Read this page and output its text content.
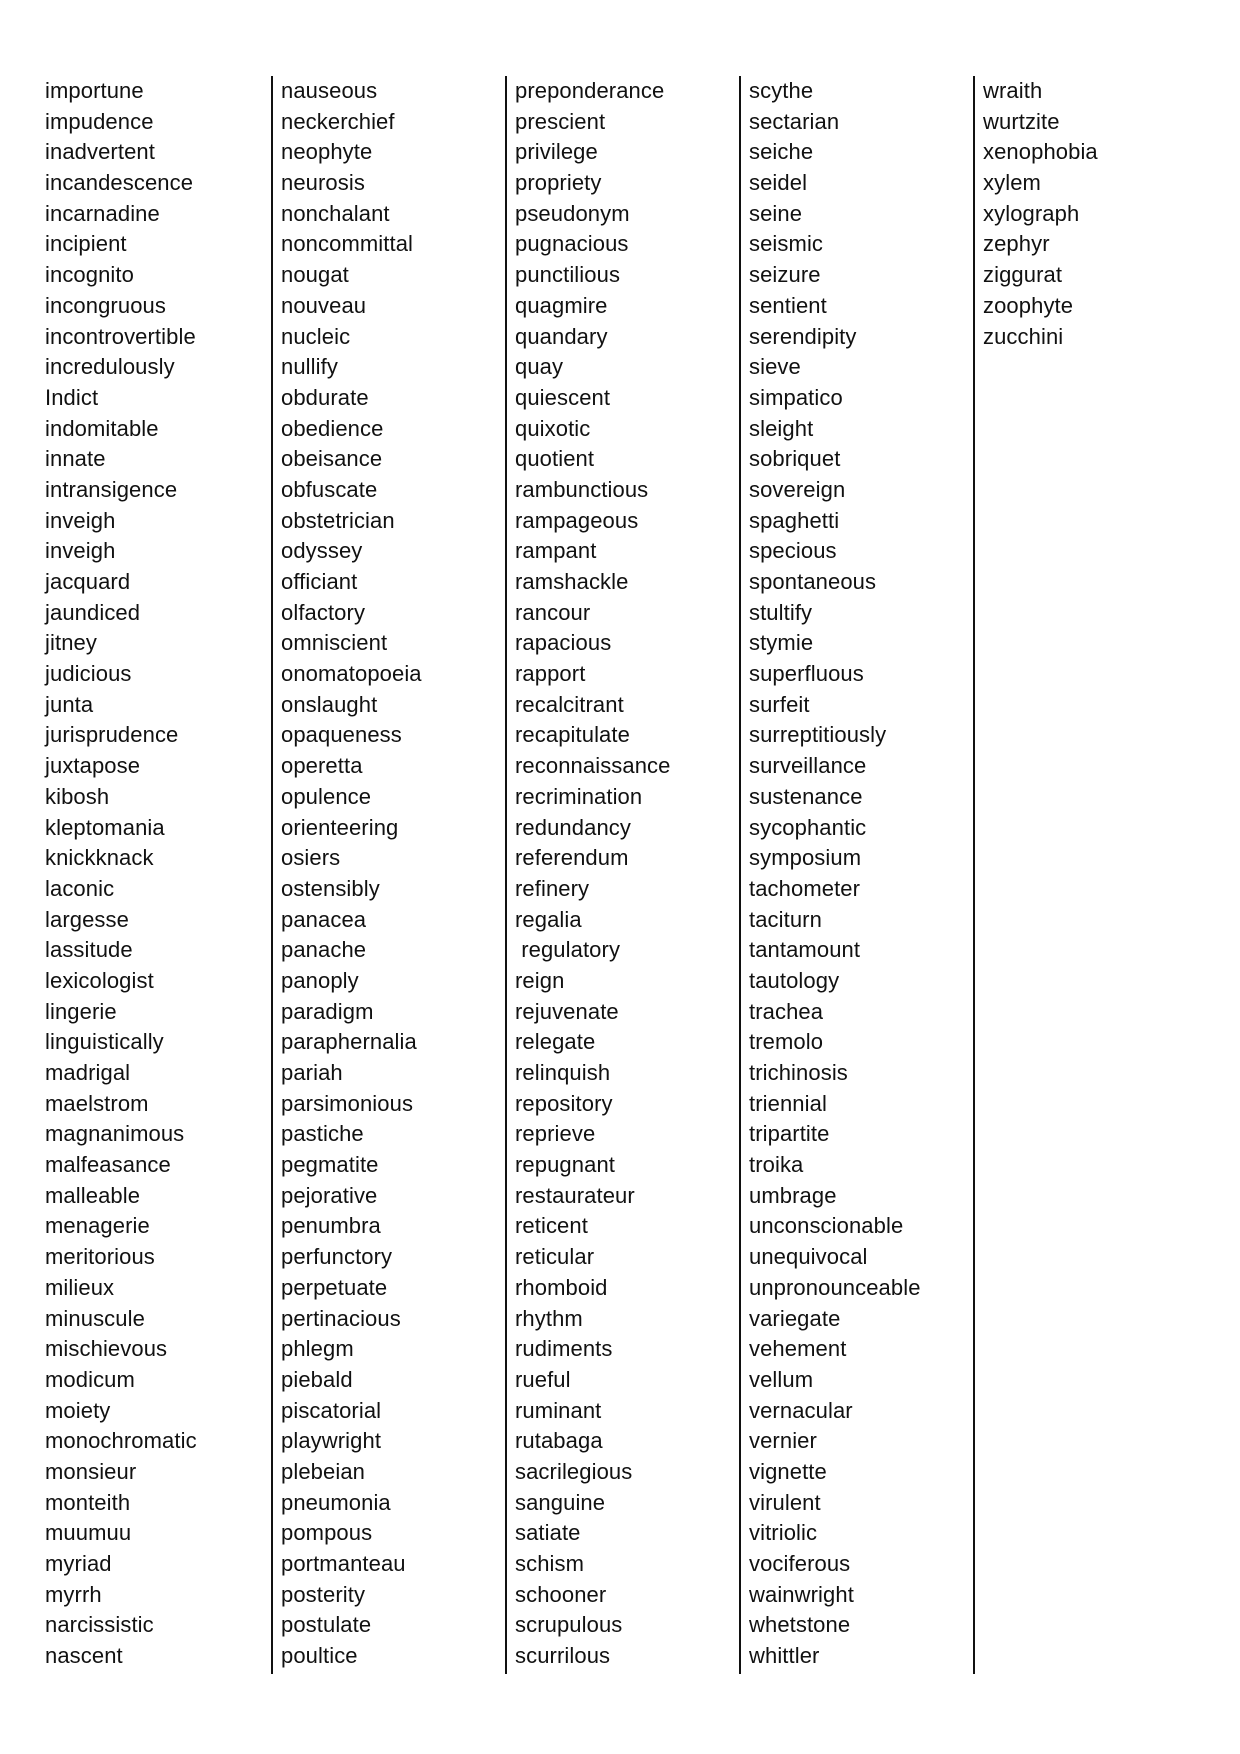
importune
impudence
inadvertent
incandescence
incarnadine
incipient
incognito
incongruous
incontrovertible
incredulously
Indict
indomitable
innate
intransigence
inveigh
inveigh
jacquard
jaundiced
jitney
judicious
junta
jurisprudence
juxtapose
kibosh
kleptomania
knickknack
laconic
largesse
lassitude
lexicologist
lingerie
linguistically
madrigal
maelstrom
magnanimous
malfeasance
malleable
menagerie
meritorious
milieux
minuscule
mischievous
modicum
moiety
monochromatic
monsieur
monteith
muumuu
myriad
myrrh
narcissistic
nascent
nauseous
neckerchief
neophyte
neurosis
nonchalant
noncommittal
nougat
nouveau
nucleic
nullify
obdurate
obedience
obeisance
obfuscate
obstetrician
odyssey
officiant
olfactory
omniscient
onomatopoeia
onslaught
opaqueness
operetta
opulence
orienteering
osiers
ostensibly
panacea
panache
panoply
paradigm
paraphernalia
pariah
parsimonious
pastiche
pegmatite
pejorative
penumbra
perfunctory
perpetuate
pertinacious
phlegm
piebald
piscatorial
playwright
plebeian
pneumonia
pompous
portmanteau
posterity
postulate
poultice
preponderance
prescient
privilege
propriety
pseudonym
pugnacious
punctilious
quagmire
quandary
quay
quiescent
quixotic
quotient
rambunctious
rampageous
rampant
ramshackle
rancour
rapacious
rapport
recalcitrant
recapitulate
reconnaissance
recrimination
redundancy
referendum
refinery
regalia
regulatory
reign
rejuvenate
relegate
relinquish
repository
reprieve
repugnant
restaurateur
reticent
reticular
rhomboid
rhythm
rudiments
rueful
ruminant
rutabaga
sacrilegious
sanguine
satiate
schism
schooner
scrupulous
scurrilous
scythe
sectarian
seiche
seidel
seine
seismic
seizure
sentient
serendipity
sieve
simpatico
sleight
sobriquet
sovereign
spaghetti
specious
spontaneous
stultify
stymie
superfluous
surfeit
surreptitiously
surveillance
sustenance
sycophantic
symposium
tachometer
taciturn
tantamount
tautology
trachea
tremolo
trichinosis
triennial
tripartite
troika
umbrage
unconscionable
unequivocal
unpronounceable
variegate
vehement
vellum
vernacular
vernier
vignette
virulent
vitriolic
vociferous
wainwright
whetstone
whittler
wraith
wurtzite
xenophobia
xylem
xylograph
zephyr
ziggurat
zoophyte
zucchini
